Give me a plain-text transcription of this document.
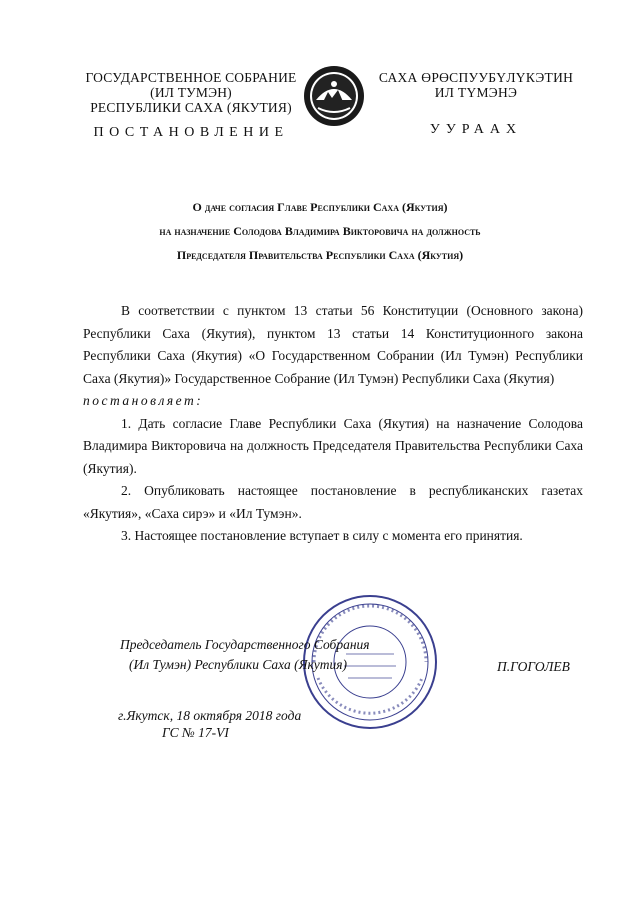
ГОСУДАРСТВЕННОЕ СОБРАНИЕ
(ИЛ ТУМЭН)
РЕСПУБЛИКИ САХА (ЯКУТИЯ)
САХА ӨРӨСПУУБҮЛҮКЭТИН
ИЛ ТҮМЭНЭ
ПОСТАНОВЛЕНИЕ	УУРААХ
О даче согласия Главе Республики Саха (Якутия)
на назначение Солодова Владимира Викторовича на должность
Председателя Правительства Республики Саха (Якутия)

В соответствии с пунктом 13 статьи 56 Конституции (Основного закона) Республики Саха (Якутия), пунктом 13 статьи 14 Конституционного закона Республики Саха (Якутия) «О Государственном Собрании (Ил Тумэн) Республики Саха (Якутия)» Государственное Собрание (Ил Тумэн) Республики Саха (Якутия)

постановляет:

1. Дать согласие Главе Республики Саха (Якутия) на назначение Солодова Владимира Викторовича на должность Председателя Правительства Республики Саха (Якутия).

2. Опубликовать настоящее постановление в республиканских газетах «Якутия», «Саха сирэ» и «Ил Тумэн».

3. Настоящее постановление вступает в силу с момента его принятия.

Председатель Государственного Собрания
(Ил Тумэн) Республики Саха (Якутия)	П.ГОГОЛЕВ
г.Якутск, 18 октября 2018 года
ГС № 17-VI
